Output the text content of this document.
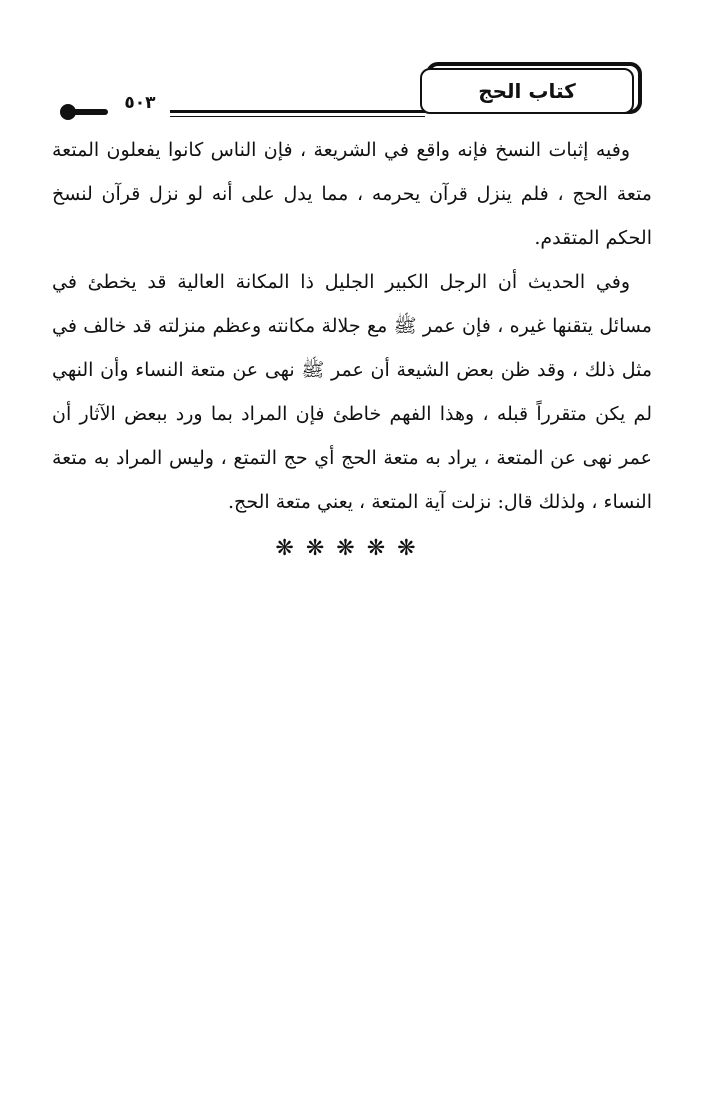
كتاب الحج
٥٠٣

وفيه إثبات النسخ فإنه واقع في الشريعة ، فإن الناس كانوا يفعلون المتعة متعة الحج ، فلم ينزل قرآن يحرمه ، مما يدل على أنه لو نزل قرآن لنسخ الحكم المتقدم.

وفي الحديث أن الرجل الكبير الجليل ذا المكانة العالية قد يخطئ في مسائل يتقنها غيره ، فإن عمر ﷺ مع جلالة مكانته وعظم منزلته قد خالف في مثل ذلك ، وقد ظن بعض الشيعة أن عمر ﷺ نهى عن متعة النساء وأن النهي لم يكن متقرراً قبله ، وهذا الفهم خاطئ فإن المراد بما ورد ببعض الآثار أن عمر نهى عن المتعة ، يراد به متعة الحج أي حج التمتع ، وليس المراد به متعة النساء ، ولذلك قال: نزلت آية المتعة ، يعني متعة الحج.

❋❋❋❋❋
